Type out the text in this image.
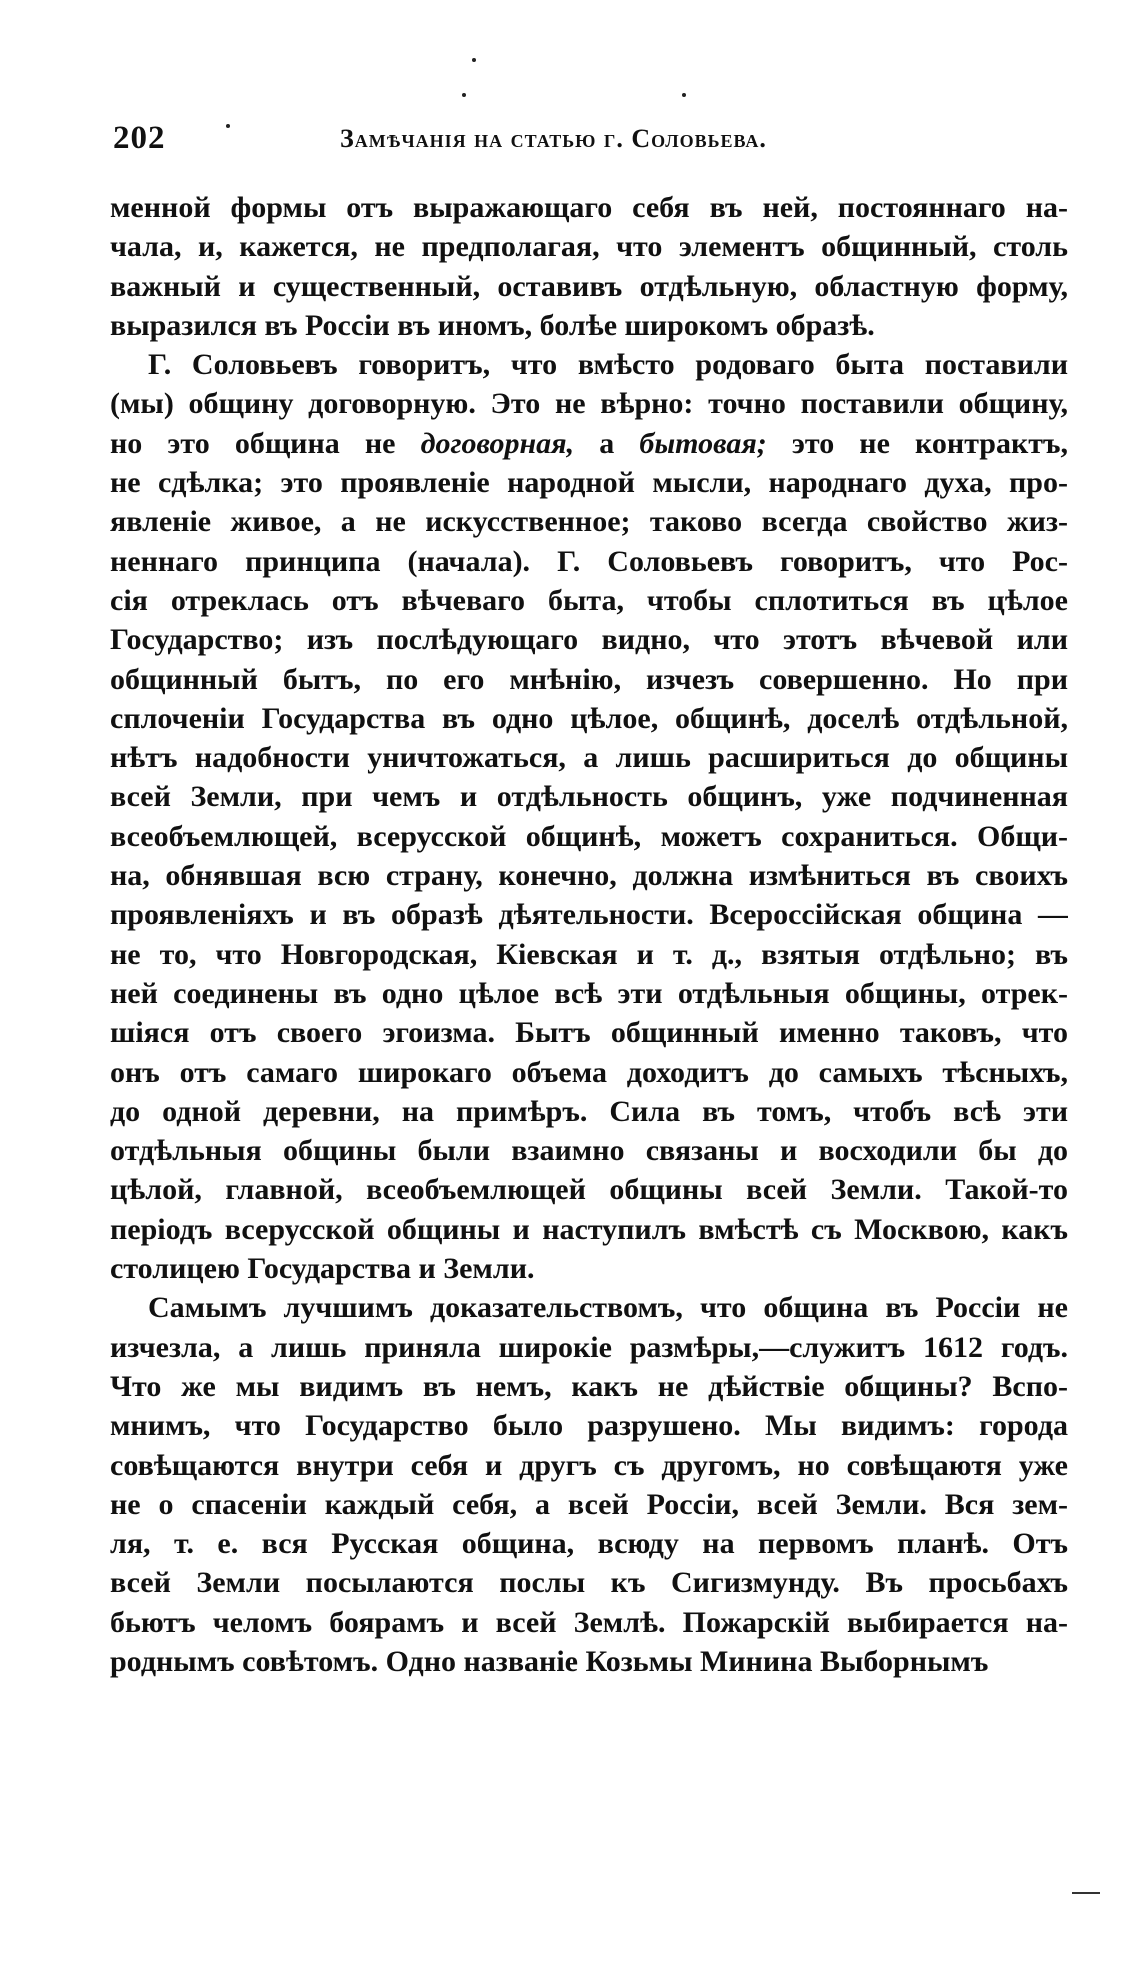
202	Замѣчанія на статью г. Соловьева.

менной формы отъ выражающаго себя въ ней, постояннаго на-
чала, и, кажется, не предполагая, что элементъ общинный, столь
важный и существенный, оставивъ отдѣльную, областную форму,
выразился въ Россіи въ иномъ, болѣе широкомъ образѣ.

Г. Соловьевъ говоритъ, что вмѣсто родоваго быта поставили
(мы) общину договорную. Это не вѣрно: точно поставили общину,
но это община не договорная, а бытовая; это не контрактъ,
не сдѣлка; это проявленіе народной мысли, народнаго духа, про-
явленіе живое, а не искусственное; таково всегда свойство жиз-
неннаго принципа (начала). Г. Соловьевъ говоритъ, что Рос-
сія отреклась отъ вѣчеваго быта, чтобы сплотиться въ цѣлое
Государство; изъ послѣдующаго видно, что этотъ вѣчевой или
общинный бытъ, по его мнѣнію, изчезъ совершенно. Но при
сплоченіи Государства въ одно цѣлое, общинѣ, доселѣ отдѣльной,
нѣтъ надобности уничтожаться, а лишь расшириться до общины
всей Земли, при чемъ и отдѣльность общинъ, уже подчиненная
всеобъемлющей, всерусской общинѣ, можетъ сохраниться. Общи-
на, обнявшая всю страну, конечно, должна измѣниться въ своихъ
проявленіяхъ и въ образѣ дѣятельности. Всероссійская община —
не то, что Новгородская, Кіевская и т. д., взятыя отдѣльно; въ
ней соединены въ одно цѣлое всѣ эти отдѣльныя общины, отрек-
шіяся отъ своего эгоизма. Бытъ общинный именно таковъ, что
онъ отъ самаго широкаго объема доходитъ до самыхъ тѣсныхъ,
до одной деревни, на примѣръ. Сила въ томъ, чтобъ всѣ эти
отдѣльныя общины были взаимно связаны и восходили бы до
цѣлой, главной, всеобъемлющей общины всей Земли. Такой-то
періодъ всерусской общины и наступилъ вмѣстѣ съ Москвою, какъ
столицею Государства и Земли.

Самымъ лучшимъ доказательствомъ, что община въ Россіи не
изчезла, а лишь приняла широкіе размѣры,—служитъ 1612 годъ.
Что же мы видимъ въ немъ, какъ не дѣйствіе общины? Вспо-
мнимъ, что Государство было разрушено. Мы видимъ: города
совѣщаются внутри себя и другъ съ другомъ, но совѣщаютя уже
не о спасеніи каждый себя, а всей Россіи, всей Земли. Вся зем-
ля, т. е. вся Русская община, всюду на первомъ планѣ. Отъ
всей Земли посылаются послы къ Сигизмунду. Въ просьбахъ
бьютъ челомъ боярамъ и всей Землѣ. Пожарскій выбирается на-
роднымъ совѣтомъ. Одно названіе Козьмы Минина Выборнымъ
